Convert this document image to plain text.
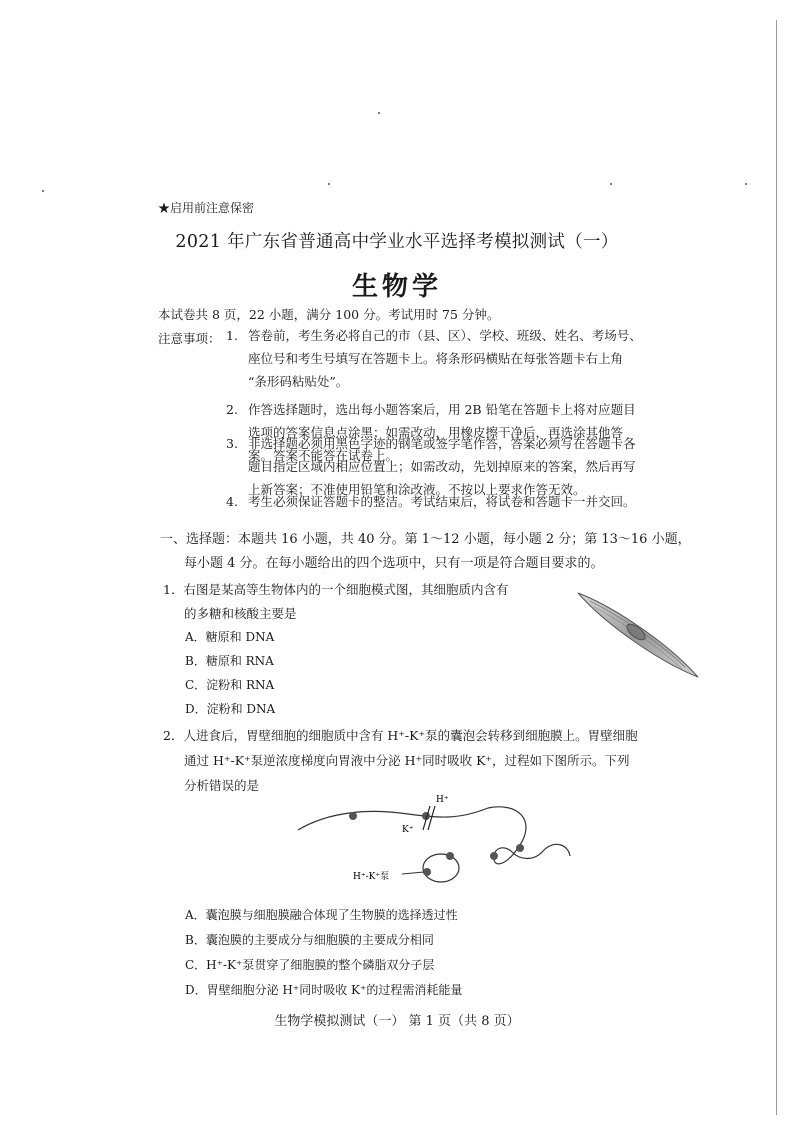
★启用前注意保密
2021 年广东省普通高中学业水平选择考模拟测试（一）
生物学
本试卷共 8 页，22 小题，满分 100 分。考试用时 75 分钟。
注意事项： 1. 答卷前，考生务必将自己的市（县、区）、学校、班级、姓名、考场号、
座位号和考生号填写在答题卡上。将条形码横贴在每张答题卡右上角
“条形码粘贴处”。
2. 作答选择题时，选出每小题答案后，用 2B 铅笔在答题卡上将对应题目
选项的答案信息点涂黑；如需改动，用橡皮擦干净后，再选涂其他答
案。答案不能答在试卷上。
3. 非选择题必须用黑色字迹的钢笔或签字笔作答，答案必须写在答题卡各
题目指定区域内相应位置上；如需改动，先划掉原来的答案，然后再写
上新答案；不准使用铅笔和涂改液。不按以上要求作答无效。
4. 考生必须保证答题卡的整洁。考试结束后，将试卷和答题卡一并交回。
一、选择题：本题共 16 小题，共 40 分。第 1～12 小题，每小题 2 分；第 13～16 小题，
每小题 4 分。在每小题给出的四个选项中，只有一项是符合题目要求的。
1．右图是某高等生物体内的一个细胞模式图，其细胞质内含有
的多糖和核酸主要是
A．糖原和 DNA
B．糖原和 RNA
C．淀粉和 RNA
D．淀粉和 DNA
2．人进食后，胃壁细胞的细胞质中含有 H⁺-K⁺泵的囊泡会转移到细胞膜上。胃壁细胞
通过 H⁺-K⁺泵逆浓度梯度向胃液中分泌 H⁺同时吸收 K⁺，过程如下图所示。下列
分析错误的是
H⁺
K⁺
H⁺-K⁺泵
A．囊泡膜与细胞膜融合体现了生物膜的选择透过性
B．囊泡膜的主要成分与细胞膜的主要成分相同
C．H⁺-K⁺泵贯穿了细胞膜的整个磷脂双分子层
D．胃壁细胞分泌 H⁺同时吸收 K⁺的过程需消耗能量
生物学模拟测试（一） 第 1 页（共 8 页）
